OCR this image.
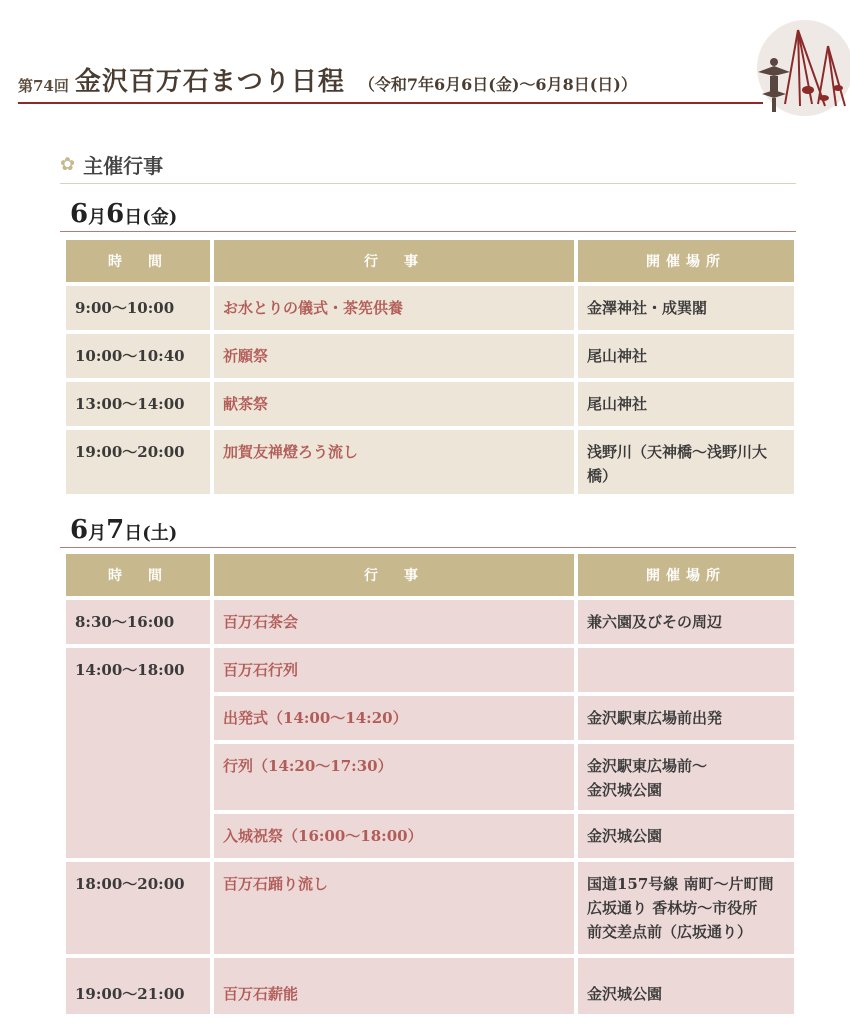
第74回 金沢百万石まつり日程 （令和7年6月6日(金)～6月8日(日)）
✿ 主催行事
6 月 6 日 (金)
時　間	行　事	開催場所
9:00～10:00	お水とりの儀式・茶筅供養	金澤神社・成巽閣
10:00～10:40	祈願祭	尾山神社
13:00～14:00	献茶祭	尾山神社
19:00～20:00	加賀友禅燈ろう流し	浅野川（天神橋～浅野川大橋）
6 月 7 日 (土)
時　間	行　事	開催場所
8:30～16:00	百万石茶会	兼六園及びその周辺
14:00～18:00	百万石行列	
	出発式（14:00～14:20）	金沢駅東広場前出発
	行列（14:20～17:30）	金沢駅東広場前～
金沢城公園

	入城祝祭（16:00～18:00）	金沢城公園
18:00～20:00	百万石踊り流し	国道157号線 南町～片町間
広坂通り 香林坊～市役所
前交差点前（広坂通り）

19:00～21:00	百万石薪能	金沢城公園
